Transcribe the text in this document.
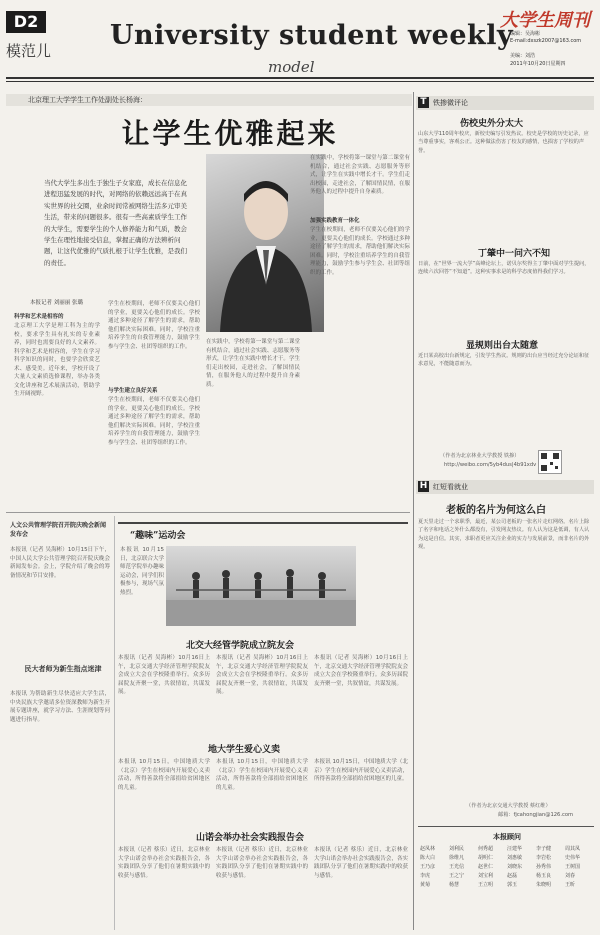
D2
模范儿 University student weekly
model
大学生周刊
编辑：吴海彬
E-mail:dxszk2007@163.com
美编：刘浩
2011年10月20日星期四
北京理工大学学生工作处副处长杨海：
让学生优雅起来
当代大学生多出生于独生子女家庭，成长在信息化进程迅猛发展的时代，对网络的依赖远远高于在真实世界的社交圈，业余时间常被网络生活多元审美生活，带来的问题很多。很有一些高素质学生工作的大学生，需要学生的个人修养能力和气质，教会学生在理性地接受信息，掌握正确的方法辨析问题，让这代优雅的气质扎根于让学生优雅，是我们的责任。
本报记者 刘丽丽 张璐
科学和艺术是相容的
北京理工大学是理工科为主的学校，要求学生具有扎实的专业素养，同时也需要良好的人文素养。科学和艺术是相容的，学生在学习科学知识的同时，也要学会欣赏艺术、感受美。近年来，学校开设了大量人文素质选修课程，举办各类文化讲座和艺术展演活动，帮助学生开阔视野。
学生在校期间，老师不仅要关心他们的学业，更要关心他们的成长。学校通过多种途径了解学生的需求，帮助他们解决实际困难。同时，学校注重培养学生的自我管理能力，鼓励学生参与学生会、社团等组织的工作。
与学生建立良好关系
学生在校期间，老师不仅要关心他们的学业，更要关心他们的成长。学校通过多种途径了解学生的需求，帮助他们解决实际困难。同时，学校注重培养学生的自我管理能力，鼓励学生参与学生会、社团等组织的工作。
在实践中，学校将第一课堂与第二课堂有机结合，通过社会实践、志愿服务等形式，让学生在实践中增长才干。学生们走出校园，走进社会，了解国情民情，在服务他人的过程中提升自身素质。
在实践中，学校将第一课堂与第二课堂有机结合，通过社会实践、志愿服务等形式，让学生在实践中增长才干。学生们走出校园，走进社会，了解国情民情，在服务他人的过程中提升自身素质。
加强实践教育一体化
学生在校期间，老师不仅要关心他们的学业，更要关心他们的成长。学校通过多种途径了解学生的需求，帮助他们解决实际困难。同时，学校注重培养学生的自我管理能力，鼓励学生参与学生会、社团等组织的工作。
人文公共管理学院召开院庆晚会新闻发布会
本报讯（记者 吴海彬）10月15日下午，中国人民大学公共管理学院召开院庆晚会新闻发布会。会上，学院介绍了晚会的筹备情况和节目安排。
民大者师为新生指点迷津
本报讯 为帮助新生尽快适应大学生活，中央民族大学邀请多位资深教师为新生开展专题讲座，就学习方法、生涯规划等问题进行指导。
“趣味”运动会
本报讯 10月15日，北京联合大学师范学院举办趣味运动会，同学们积极参与，现场气氛热烈。
北交大经管学院成立院友会
本报讯（记者 吴海彬）10月16日上午，北京交通大学经济管理学院院友会成立大会在学校隆重举行。众多历届院友齐聚一堂，共叙情谊，共谋发展。
本报讯（记者 吴海彬）10月16日上午，北京交通大学经济管理学院院友会成立大会在学校隆重举行。众多历届院友齐聚一堂，共叙情谊，共谋发展。
本报讯（记者 吴海彬）10月16日上午，北京交通大学经济管理学院院友会成立大会在学校隆重举行。众多历届院友齐聚一堂，共叙情谊，共谋发展。
地大学生爱心义卖
本报讯 10月15日，中国地质大学（北京）学生在校园内开展爱心义卖活动，所得善款将全部捐给贫困地区的儿童。
本报讯 10月15日，中国地质大学（北京）学生在校园内开展爱心义卖活动，所得善款将全部捐给贫困地区的儿童。
本报讯 10月15日，中国地质大学（北京）学生在校园内开展爱心义卖活动，所得善款将全部捐给贫困地区的儿童。
山诺会举办社会实践报告会
本报讯（记者 蔡乐）近日，北京林业大学山诺会举办社会实践报告会，各实践团队分享了他们在暑期实践中的收获与感悟。
本报讯（记者 蔡乐）近日，北京林业大学山诺会举办社会实践报告会，各实践团队分享了他们在暑期实践中的收获与感悟。
本报讯（记者 蔡乐）近日，北京林业大学山诺会举办社会实践报告会，各实践团队分享了他们在暑期实践中的收获与感悟。
T 铁掺微评论
伤校史外分太大
山东大学110周年校庆，新校史编写引发热议。校史是学校的历史记录，应当尊重事实，客观公正。这种做法伤害了校友的感情，也损害了学校的声誉。
丁肇中一问六不知
日前，在“世界一流大学”高峰论坛上，诺贝尔奖得主丁肇中面对学生提问，连续六次回答“不知道”。这种实事求是的科学态度值得我们学习。
显规则出台太随意
近日某高校出台新规定，引发学生热议。规则的出台应当经过充分论证和征求意见，不能随意而为。
（作者为北京林业大学教授 铁掺）
http://weibo.com/5yb4dus|4b91xdv
H 红短看就业
老板的名片为何这么白
夏天里走过一个求职季，最近，某公司老板的一张名片走红网络。名片上除了名字和电话之外什么都没有，引发网友热议。有人认为这是低调，有人认为这是自信。其实，求职者更应关注企业的实力与发展前景，而非名片的外观。
（作者为北京交通大学教授 蔡红维）
邮箱：fjcahongjian@126.com
本报顾问
赵凤林	刘利民	何秀超	汪建华	李子健	周其凤
陈大白	徐维凡	胡明仁	刘惠敏	李岩松	史伟华
王乃彦	王光信	赵世仁	刘晓东	孙秀伟	王树国
李虎	王之宁	刘宝利	赵磊	杨玉良	刘春
黄菊	杨慧	王立明	郭玉	朱晓明	王昕
